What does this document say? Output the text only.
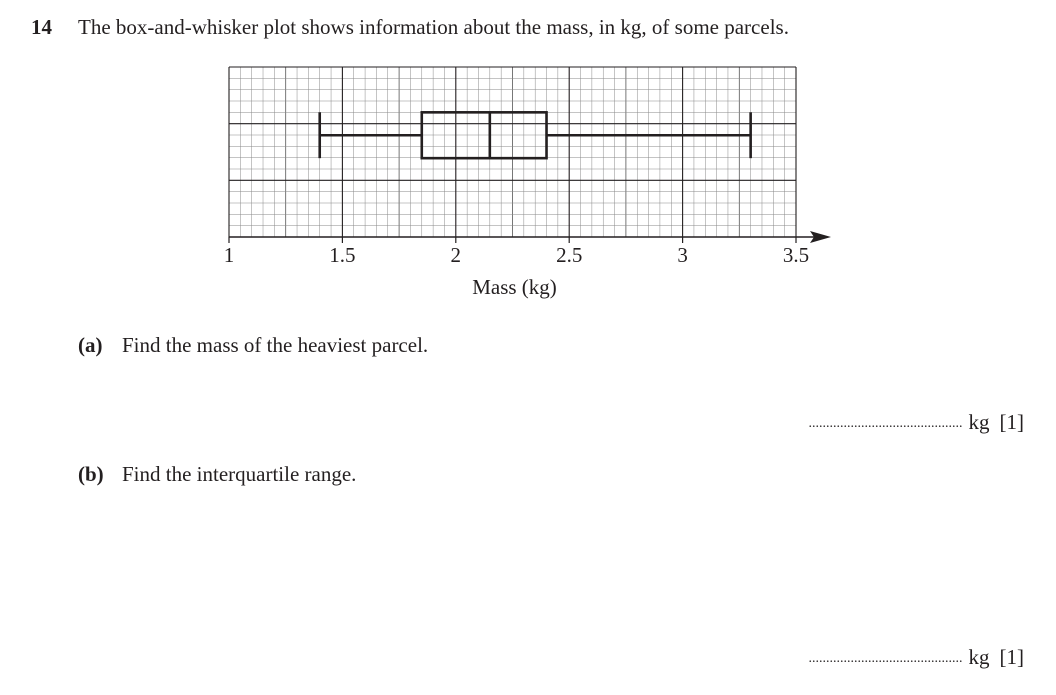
14 The box-and-whisker plot shows information about the mass, in kg, of some parcels.
1	1.5	2	2.5	3	3.5
Mass (kg)
(a) Find the mass of the heaviest parcel.
............................................ kg [1]
(b) Find the interquartile range.
............................................ kg [1]
